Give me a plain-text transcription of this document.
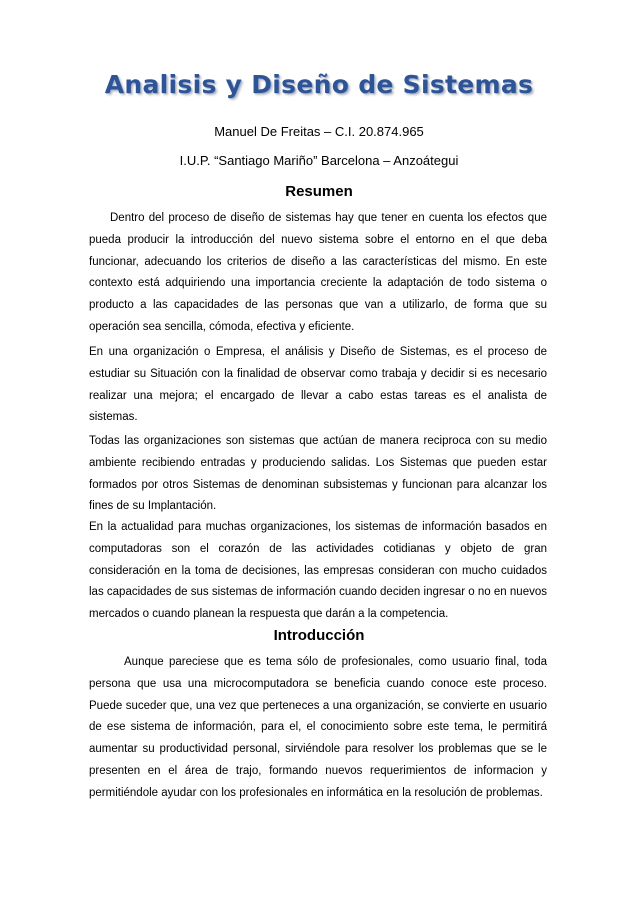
Analisis y Diseño de Sistemas
Manuel De Freitas – C.I. 20.874.965
I.U.P. “Santiago Mariño” Barcelona – Anzoátegui
Resumen

Dentro del proceso de diseño de sistemas hay que tener en cuenta los efectos que pueda producir la introducción del nuevo sistema sobre el entorno en el que deba funcionar, adecuando los criterios de diseño a las características del mismo. En este contexto está adquiriendo una importancia creciente la adaptación de todo sistema o producto a las capacidades de las personas que van a utilizarlo, de forma que su operación sea sencilla, cómoda, efectiva y eficiente.

En una organización o Empresa, el análisis y Diseño de Sistemas, es el proceso de estudiar su Situación con la finalidad de observar como trabaja y decidir si es necesario realizar una mejora; el encargado de llevar a cabo estas tareas es el analista de sistemas.

Todas las organizaciones son sistemas que actúan de manera reciproca con su medio ambiente recibiendo entradas y produciendo salidas. Los Sistemas que pueden estar formados por otros Sistemas de denominan subsistemas y funcionan para alcanzar los fines de su Implantación.

En la actualidad para muchas organizaciones, los sistemas de información basados en computadoras son el corazón de las actividades cotidianas y objeto de gran consideración en la toma de decisiones, las empresas consideran con mucho cuidados las capacidades de sus sistemas de información cuando deciden ingresar o no en nuevos mercados o cuando planean la respuesta que darán a la competencia.

Introducción

Aunque pareciese que es tema sólo de profesionales, como usuario final, toda persona que usa una microcomputadora se beneficia cuando conoce este proceso. Puede suceder que, una vez que perteneces a una organización, se convierte en usuario de ese sistema de información, para el, el conocimiento sobre este tema, le permitirá aumentar su productividad personal, sirviéndole para resolver los problemas que se le presenten en el área de trajo, formando nuevos requerimientos de informacion y permitiéndole ayudar con los profesionales en informática en la resolución de problemas.
